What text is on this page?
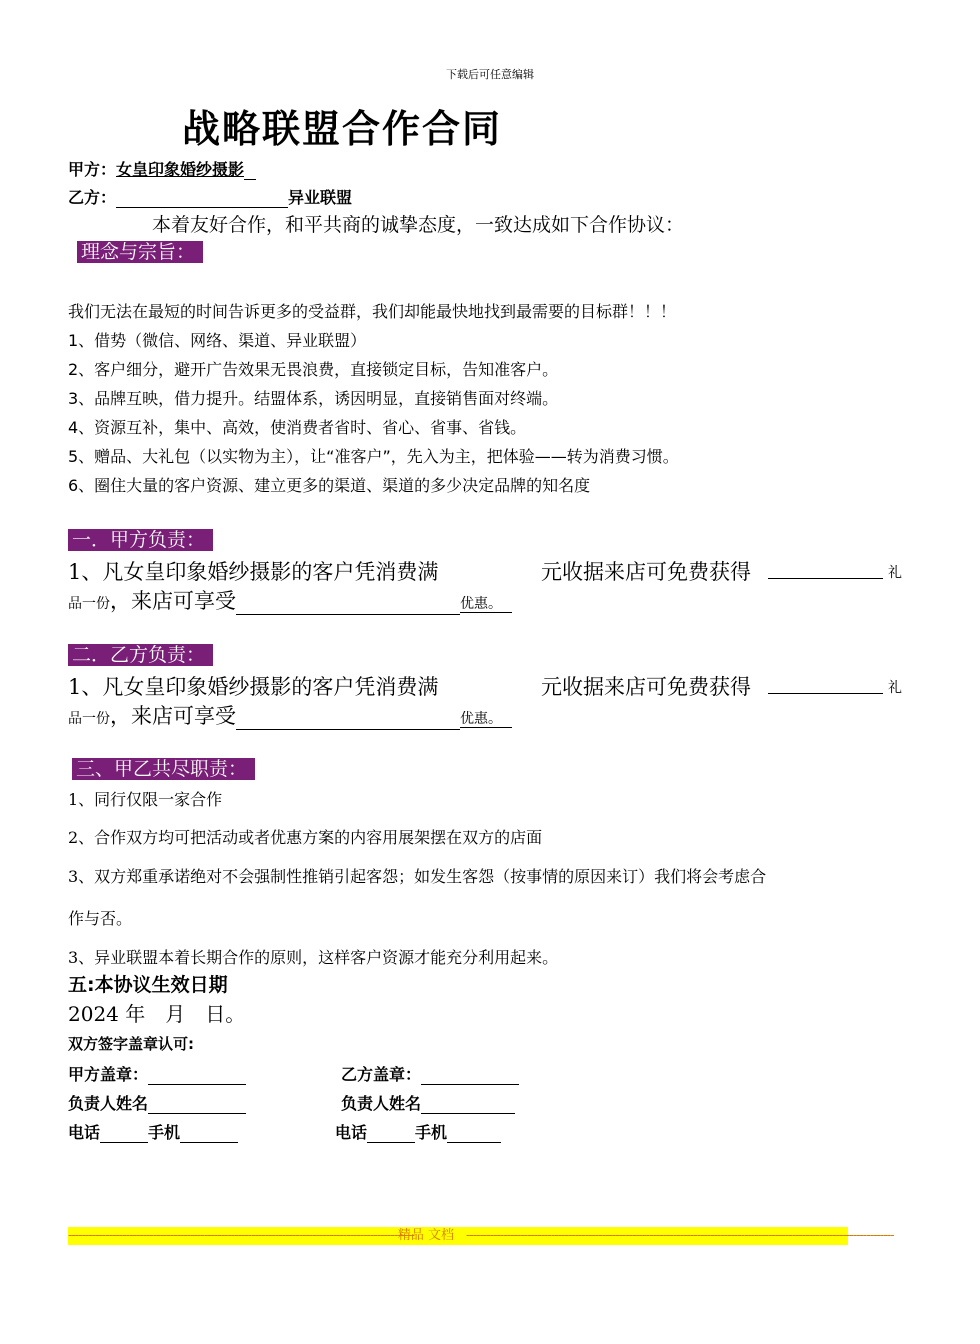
下载后可任意编辑
战略联盟合作合同
甲方：女皇印象婚纱摄影
乙方：	异业联盟
本着友好合作，和平共商的诚挚态度，一致达成如下合作协议：
理念与宗旨：
我们无法在最短的时间告诉更多的受益群，我们却能最快地找到最需要的目标群！！！
1、借势（微信、网络、渠道、异业联盟）
2、客户细分，避开广告效果无畏浪费，直接锁定目标，告知准客户。
3、品牌互映，借力提升。结盟体系，诱因明显，直接销售面对终端。
4、资源互补，集中、高效，使消费者省时、省心、省事、省钱。
5、赠品、大礼包（以实物为主），让“准客户”，先入为主，把体验——转为消费习惯。
6、圈住大量的客户资源、建立更多的渠道、渠道的多少决定品牌的知名度
一．甲方负责：
1、凡女皇印象婚纱摄影的客户凭消费满	元收据来店可免费获得	礼
品一份，来店可享受	优惠。
二．乙方负责：
1、凡女皇印象婚纱摄影的客户凭消费满	元收据来店可免费获得	礼
品一份，来店可享受	优惠。
三、甲乙共尽职责：
1、同行仅限一家合作
2、合作双方均可把活动或者优惠方案的内容用展架摆在双方的店面
3、双方郑重承诺绝对不会强制性推销引起客怨；如发生客怨（按事情的原因来订）我们将会考虑合
作与否。
3、异业联盟本着长期合作的原则，这样客户资源才能充分利用起来。
五:本协议生效日期
2024 年　月　日。
双方签字盖章认可:
甲方盖章：	乙方盖章：
负责人姓名	负责人姓名
电话	手机	电话	手机
------------------------------------------------------------------------------------------------------精品 文档 ------------------------------------------------------------------------------------------------------------------------------
